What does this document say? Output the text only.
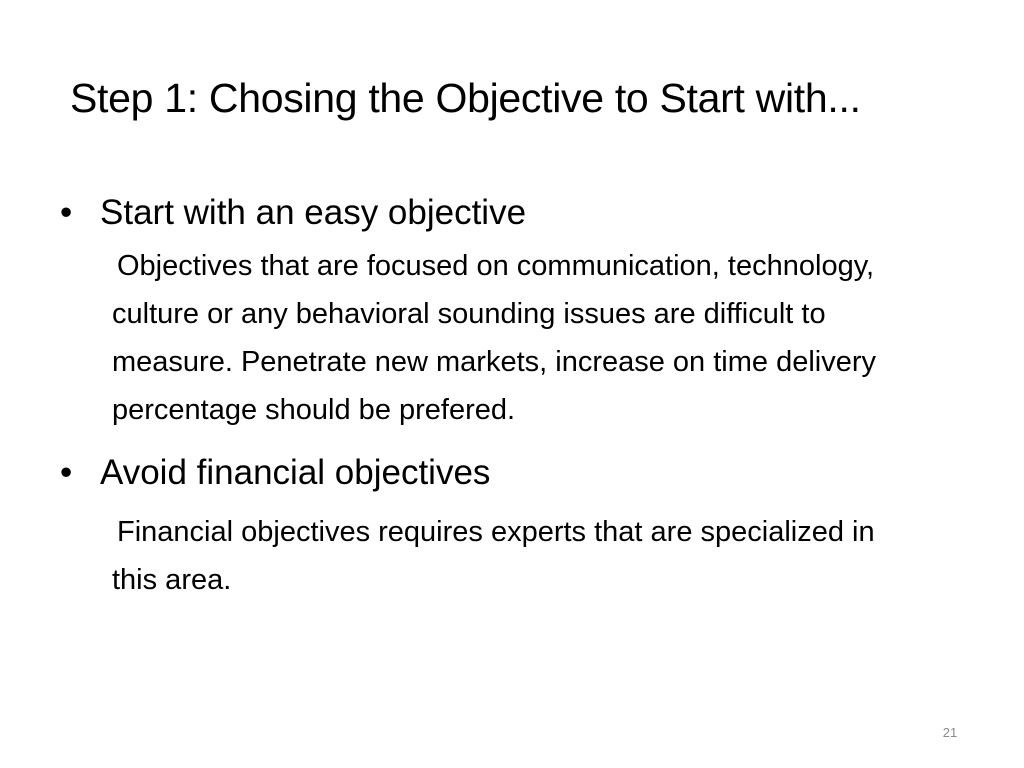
Step 1: Chosing the Objective to Start with...
• Start with an easy objective
Objectives that are focused on communication, technology, culture or any behavioral sounding issues are difficult to measure. Penetrate new markets, increase on time delivery percentage should be prefered.
• Avoid financial objectives
Financial objectives requires experts that are specialized in this area.
21
